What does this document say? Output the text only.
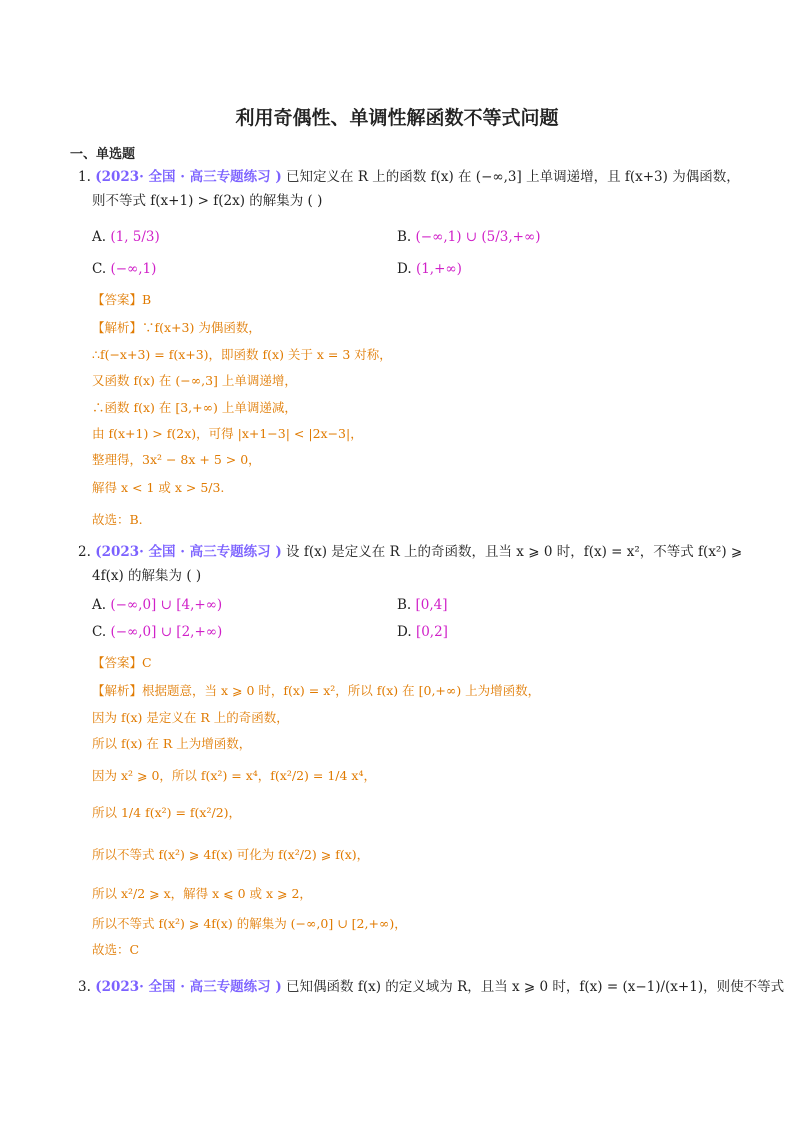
利用奇偶性、单调性解函数不等式问题
一、单选题
1. (2023· 全国 · 高三专题练习 ) 已知定义在 R 上的函数 f(x) 在 (−∞,3] 上单调递增，且 f(x+3) 为偶函数，
则不等式 f(x+1) > f(2x) 的解集为 ( )
A. (1, 5/3)	B. (−∞,1) ∪ (5/3,+∞)
C. (−∞,1)	D. (1,+∞)
【答案】B
【解析】∵f(x+3) 为偶函数，
∴f(−x+3) = f(x+3)，即函数 f(x) 关于 x = 3 对称，
又函数 f(x) 在 (−∞,3] 上单调递增，
∴函数 f(x) 在 [3,+∞) 上单调递减，
由 f(x+1) > f(2x)，可得 |x+1−3| < |2x−3|，
整理得，3x² − 8x + 5 > 0，
解得 x < 1 或 x > 5/3.
故选：B.
2. (2023· 全国 · 高三专题练习 ) 设 f(x) 是定义在 R 上的奇函数，且当 x ⩾ 0 时，f(x) = x²，不等式 f(x²) ⩾
4f(x) 的解集为 ( )
A. (−∞,0] ∪ [4,+∞)	B. [0,4]
C. (−∞,0] ∪ [2,+∞)	D. [0,2]
【答案】C
【解析】根据题意，当 x ⩾ 0 时，f(x) = x²，所以 f(x) 在 [0,+∞) 上为增函数，
因为 f(x) 是定义在 R 上的奇函数，
所以 f(x) 在 R 上为增函数，
因为 x² ⩾ 0，所以 f(x²) = x⁴，f(x²/2) = 1/4 x⁴，
所以 1/4 f(x²) = f(x²/2)，
所以不等式 f(x²) ⩾ 4f(x) 可化为 f(x²/2) ⩾ f(x)，
所以 x²/2 ⩾ x，解得 x ⩽ 0 或 x ⩾ 2，
所以不等式 f(x²) ⩾ 4f(x) 的解集为 (−∞,0] ∪ [2,+∞)，
故选：C
3. (2023· 全国 · 高三专题练习 ) 已知偶函数 f(x) 的定义域为 R，且当 x ⩾ 0 时，f(x) = (x−1)/(x+1)，则使不等式
